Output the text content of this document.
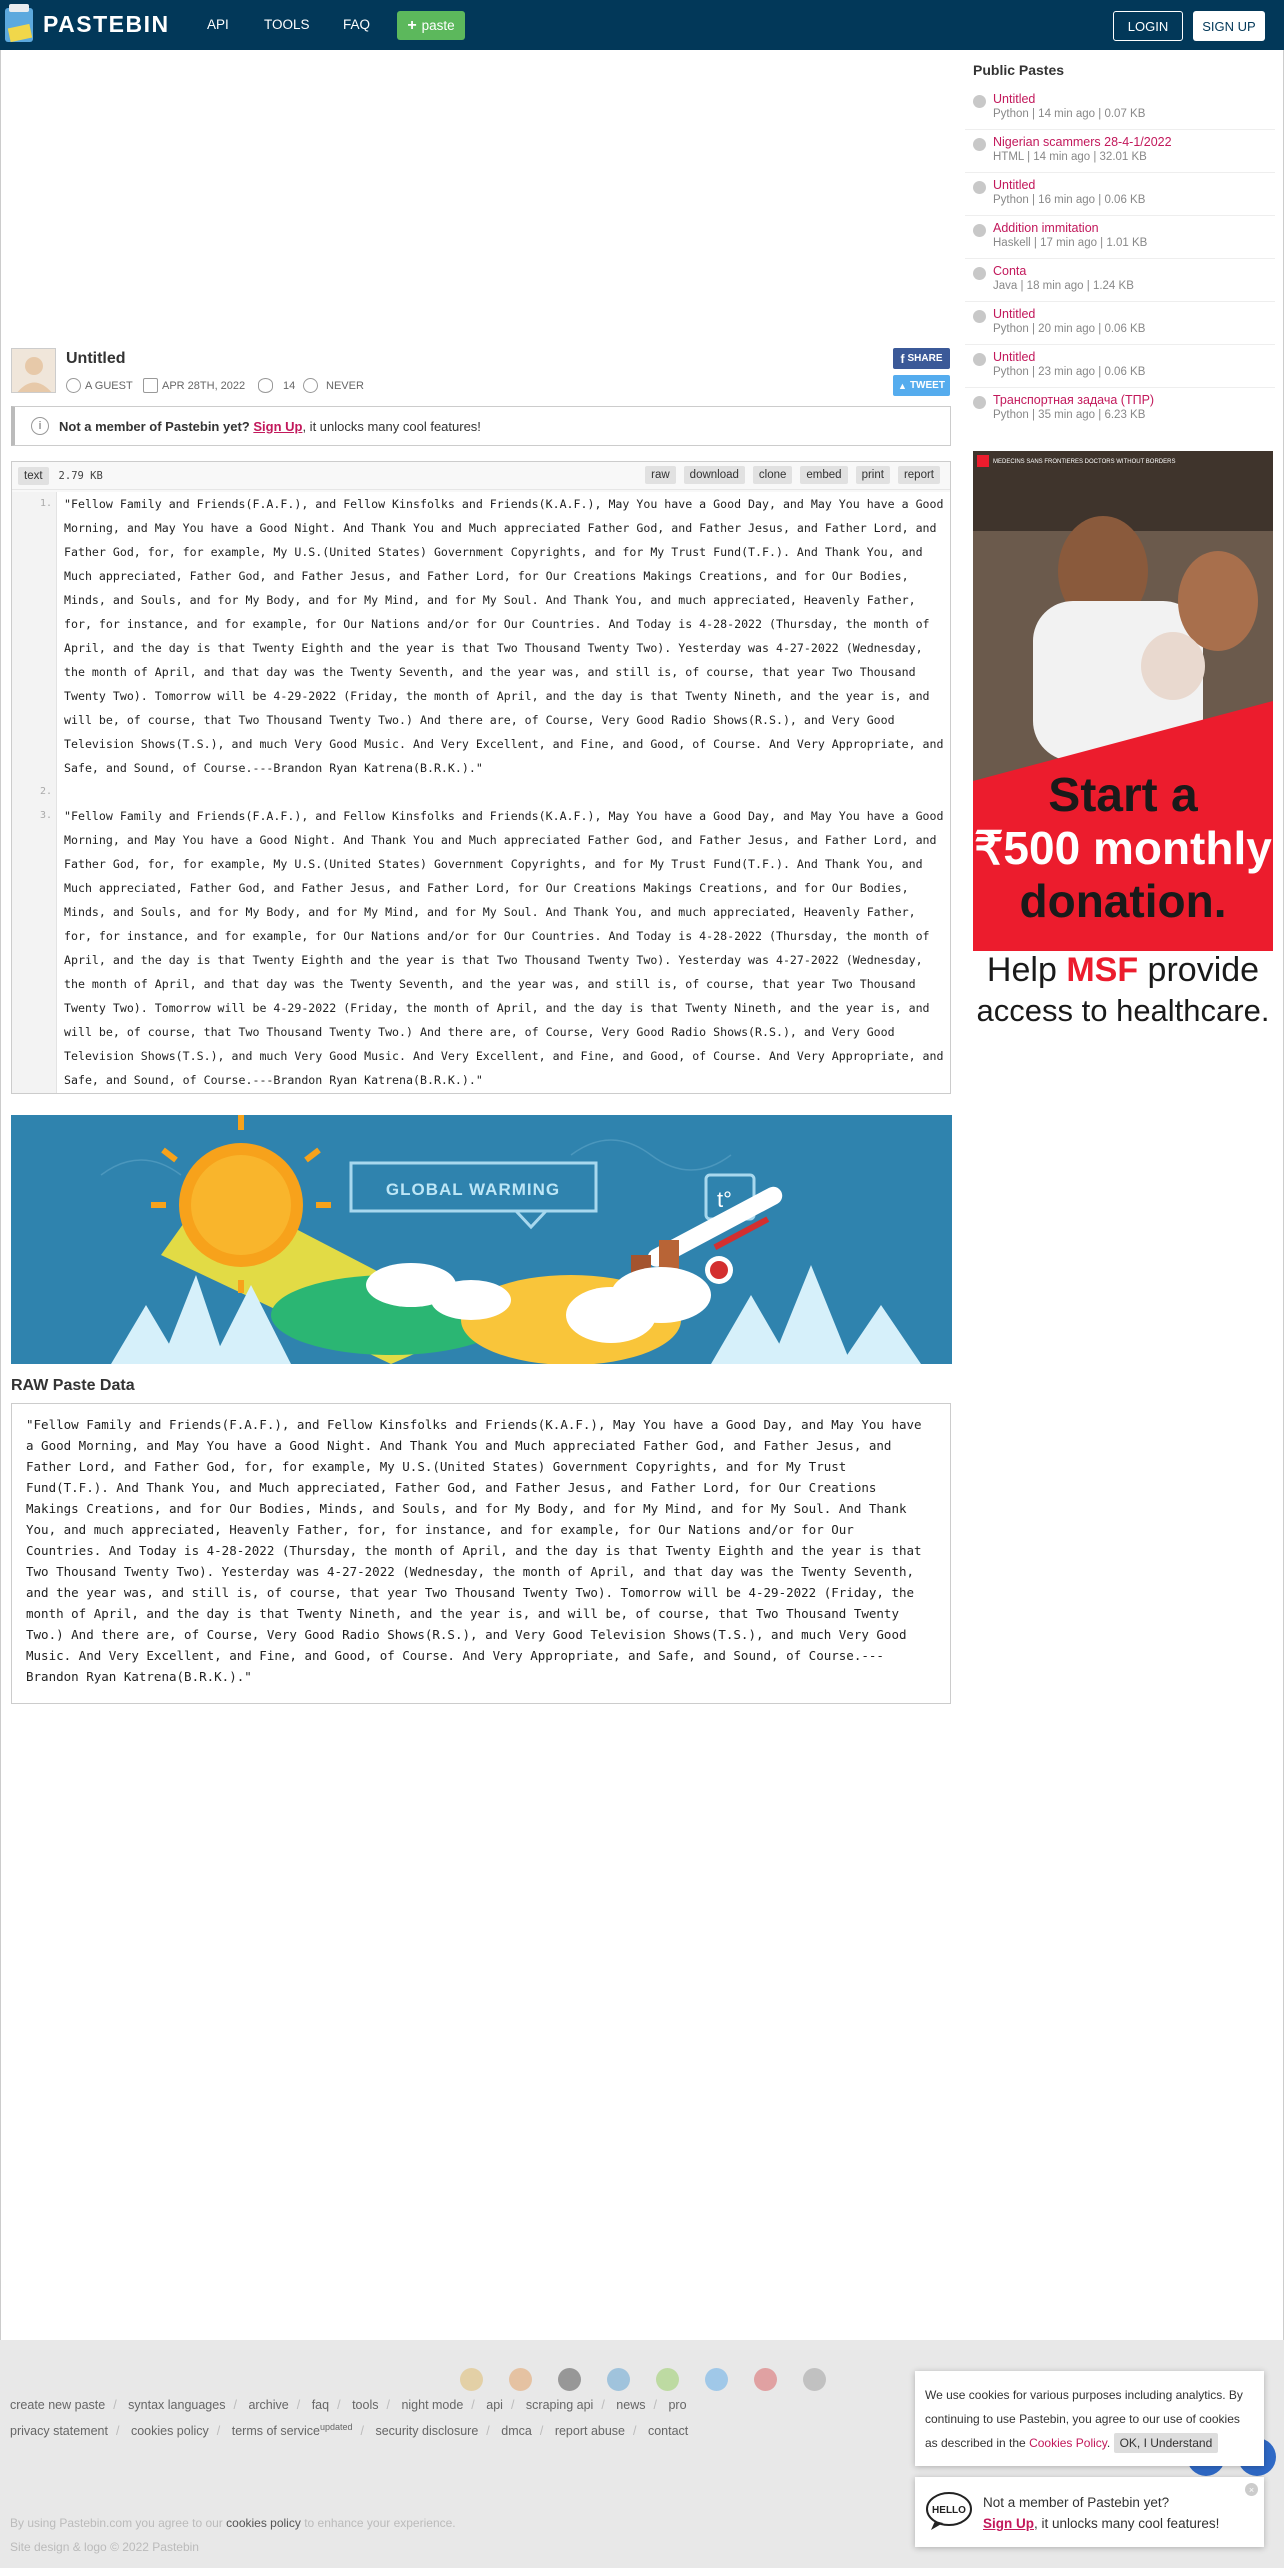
PASTEBIN	API	TOOLS FAQ + paste	LOGIN	SIGN UP
Untitled
A GUEST	APR 28TH, 2022	14	NEVER
f SHARE
▲ TWEET
i	Not a member of Pastebin yet?
Sign Up , it unlocks many cool features!
text	2.79 KB	raw	download	clone	embed	print	report
1. "Fellow Family and Friends(F.A.F.), and Fellow Kinsfolks and Friends(K.A.F.), May You have a Good Day, and May You have a Good Morning, and May You have a Good Night. And Thank You and Much appreciated Father God, and Father Jesus, and Father Lord, and Father God, for, for example, My U.S.(United States) Government Copyrights, and for My Trust Fund(T.F.). And Thank You, and Much appreciated, Father God, and Father Jesus, and Father Lord, for Our Creations Makings Creations, and for Our Bodies, Minds, and Souls, and for My Body, and for My Mind, and for My Soul. And Thank You, and much appreciated, Heavenly Father, for, for instance, and for example, for Our Nations and/or for Our Countries. And Today is 4-28-2022 (Thursday, the month of April, and the day is that Twenty Eighth and the year is that Two Thousand Twenty Two). Yesterday was 4-27-2022 (Wednesday, the month of April, and that day was the Twenty Seventh, and the year was, and still is, of course, that year Two Thousand Twenty Two). Tomorrow will be 4-29-2022 (Friday, the month of April, and the day is that Twenty Nineth, and the year is, and will be, of course, that Two Thousand Twenty Two.) And there are, of Course, Very Good Radio Shows(R.S.), and Very Good Television Shows(T.S.), and much Very Good Music. And Very Excellent, and Fine, and Good, of Course. And Very Appropriate, and Safe, and Sound, of Course.---Brandon Ryan Katrena(B.R.K.)."
2.
3. "Fellow Family and Friends(F.A.F.), and Fellow Kinsfolks and Friends(K.A.F.), May You have a Good Day, and May You have a Good Morning, and May You have a Good Night. And Thank You and Much appreciated Father God, and Father Jesus, and Father Lord, and Father God, for, for example, My U.S.(United States) Government Copyrights, and for My Trust Fund(T.F.). And Thank You, and Much appreciated, Father God, and Father Jesus, and Father Lord, for Our Creations Makings Creations, and for Our Bodies, Minds, and Souls, and for My Body, and for My Mind, and for My Soul. And Thank You, and much appreciated, Heavenly Father, for, for instance, and for example, for Our Nations and/or for Our Countries. And Today is 4-28-2022 (Thursday, the month of April, and the day is that Twenty Eighth and the year is that Two Thousand Twenty Two). Yesterday was 4-27-2022 (Wednesday, the month of April, and that day was the Twenty Seventh, and the year was, and still is, of course, that year Two Thousand Twenty Two). Tomorrow will be 4-29-2022 (Friday, the month of April, and the day is that Twenty Nineth, and the year is, and will be, of course, that Two Thousand Twenty Two.) And there are, of Course, Very Good Radio Shows(R.S.), and Very Good Television Shows(T.S.), and much Very Good Music. And Very Excellent, and Fine, and Good, of Course. And Very Appropriate, and Safe, and Sound, of Course.---Brandon Ryan Katrena(B.R.K.)."
GLOBAL WARMING	t°
RAW Paste Data
"Fellow Family and Friends(F.A.F.), and Fellow Kinsfolks and Friends(K.A.F.), May You have a Good Day, and May You have a Good Morning, and May You have a Good Night. And Thank You and Much appreciated Father God, and Father Jesus, and Father Lord, and Father God, for, for example, My U.S.(United States) Government Copyrights, and for My Trust Fund(T.F.). And Thank You, and Much appreciated, Father God, and Father Jesus, and Father Lord, for Our Creations Makings Creations, and for Our Bodies, Minds, and Souls, and for My Body, and for My Mind, and for My Soul. And Thank You, and much appreciated, Heavenly Father, for, for instance, and for example, for Our Nations and/or for Our Countries. And Today is 4-28-2022 (Thursday, the month of April, and the day is that Twenty Eighth and the year is that Two Thousand Twenty Two). Yesterday was 4-27-2022 (Wednesday, the month of April, and that day was the Twenty Seventh, and the year was, and still is, of course, that year Two Thousand Twenty Two). Tomorrow will be 4-29-2022 (Friday, the month of April, and the day is that Twenty Nineth, and the year is, and will be, of course, that Two Thousand Twenty Two.) And there are, of Course, Very Good Radio Shows(R.S.), and Very Good Television Shows(T.S.), and much Very Good Music. And Very Excellent, and Fine, and Good, of Course. And Very Appropriate, and Safe, and Sound, of Course.---Brandon Ryan Katrena(B.R.K.)."
Public Pastes
Untitled
Python | 14 min ago | 0.07 KB
Nigerian scammers 28-4-1/2022
HTML | 14 min ago | 32.01 KB
Untitled
Python | 16 min ago | 0.06 KB
Addition immitation
Haskell | 17 min ago | 1.01 KB
Conta
Java | 18 min ago | 1.24 KB
Untitled
Python | 20 min ago | 0.06 KB
Untitled
Python | 23 min ago | 0.06 KB
Транспортная задача (ТПР)
Python | 35 min ago | 6.23 KB
MEDECINS SANS FRONTIERES DOCTORS WITHOUT BORDERS
Start a
₹500 monthly
donation.
Help MSF provide
access to healthcare.
create new paste / syntax languages / archive / faq / tools / night mode / api / scraping api / news / pro
privacy statement / cookies policy / terms of service$^{updated}$ / security disclosure / dmca / report abuse / contact
By using Pastebin.com you agree to our cookies policy to enhance your experience.
Site design & logo © 2022 Pastebin
We use cookies for various purposes including analytics. By continuing to use Pastebin, you agree to our use of cookies as described in the Cookies Policy. OK, I Understand
HELLO
Not a member of Pastebin yet?
Sign Up, it unlocks many cool features!
×
